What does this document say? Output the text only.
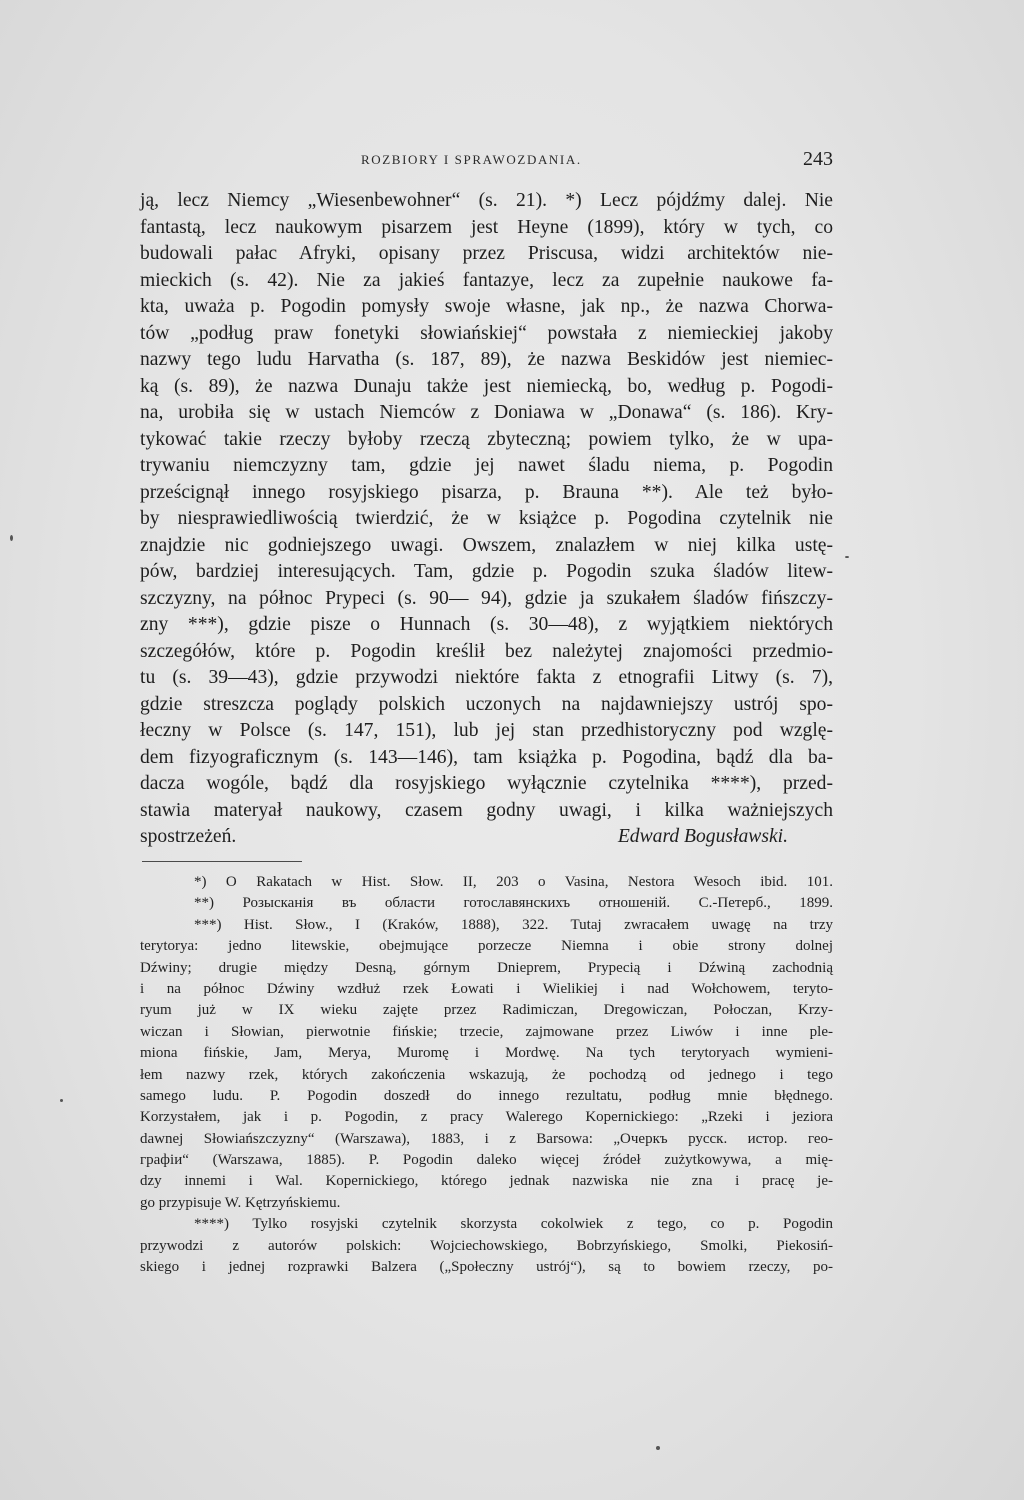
ROZBIORY I SPRAWOZDANIA.	243
ją, lecz Niemcy „Wiesenbewohner“ (s. 21). *) Lecz pójdźmy dalej. Nie
fantastą, lecz naukowym pisarzem jest Heyne (1899), który w tych, co
budowali pałac Afryki, opisany przez Priscusa, widzi architektów nie-
mieckich (s. 42). Nie za jakieś fantazye, lecz za zupełnie naukowe fa-
kta, uważa p. Pogodin pomysły swoje własne, jak np., że nazwa Chorwa-
tów „podług praw fonetyki słowiańskiej“ powstała z niemieckiej jakoby
nazwy tego ludu Harvatha (s. 187, 89), że nazwa Beskidów jest niemiec-
ką (s. 89), że nazwa Dunaju także jest niemiecką, bo, według p. Pogodi-
na, urobiła się w ustach Niemców z Doniawa w „Donawa“ (s. 186). Kry-
tykować takie rzeczy byłoby rzeczą zbyteczną; powiem tylko, że w upa-
trywaniu niemczyzny tam, gdzie jej nawet śladu niema, p. Pogodin
prześcignął innego rosyjskiego pisarza, p. Brauna **). Ale też było-
by niesprawiedliwością twierdzić, że w książce p. Pogodina czytelnik nie
znajdzie nic godniejszego uwagi. Owszem, znalazłem w niej kilka ustę-
pów, bardziej interesujących. Tam, gdzie p. Pogodin szuka śladów litew-
szczyzny, na północ Prypeci (s. 90— 94), gdzie ja szukałem śladów fińszczy-
zny ***), gdzie pisze o Hunnach (s. 30—48), z wyjątkiem niektórych
szczegółów, które p. Pogodin kreślił bez należytej znajomości przedmio-
tu (s. 39—43), gdzie przywodzi niektóre fakta z etnografii Litwy (s. 7),
gdzie streszcza poglądy polskich uczonych na najdawniejszy ustrój spo-
łeczny w Polsce (s. 147, 151), lub jej stan przedhistoryczny pod wzglę-
dem fizyograficznym (s. 143—146), tam książka p. Pogodina, bądź dla ba-
dacza wogóle, bądź dla rosyjskiego wyłącznie czytelnika ****), przed-
stawia materyał naukowy, czasem godny uwagi, i kilka ważniejszych
spostrzeżeń.	Edward Bogusławski.
*) O Rakatach w Hist. Słow. II, 203 o Vasina, Nestora Wesoch ibid. 101.
**) Розысканія въ области готославянскихъ отношеній. С.-Петерб., 1899.
***) Hist. Słow., I (Kraków, 1888), 322. Tutaj zwracałem uwagę na trzy
terytorya: jedno litewskie, obejmujące porzecze Niemna i obie strony dolnej
Dźwiny; drugie między Desną, górnym Dnieprem, Prypecią i Dźwiną zachodnią
i na północ Dźwiny wzdłuż rzek Łowati i Wielikiej i nad Wołchowem, teryto-
ryum już w IX wieku zajęte przez Radimiczan, Dregowiczan, Połoczan, Krzy-
wiczan i Słowian, pierwotnie fińskie; trzecie, zajmowane przez Liwów i inne ple-
miona fińskie, Jam, Merya, Muromę i Mordwę. Na tych terytoryach wymieni-
łem nazwy rzek, których zakończenia wskazują, że pochodzą od jednego i tego
samego ludu. P. Pogodin doszedł do innego rezultatu, podług mnie błędnego.
Korzystałem, jak i p. Pogodin, z pracy Walerego Kopernickiego: „Rzeki i jeziora
dawnej Słowiańszczyzny“ (Warszawa), 1883, i z Barsowa: „Очеркъ русск. истор. гео-
графіи“ (Warszawa, 1885). P. Pogodin daleko więcej źródeł zużytkowywa, a mię-
dzy innemi i Wal. Kopernickiego, którego jednak nazwiska nie zna i pracę je-
go przypisuje W. Kętrzyńskiemu.
****) Tylko rosyjski czytelnik skorzysta cokolwiek z tego, co p. Pogodin
przywodzi z autorów polskich: Wojciechowskiego, Bobrzyńskiego, Smolki, Piekosiń-
skiego i jednej rozprawki Balzera („Społeczny ustrój“), są to bowiem rzeczy, po-
